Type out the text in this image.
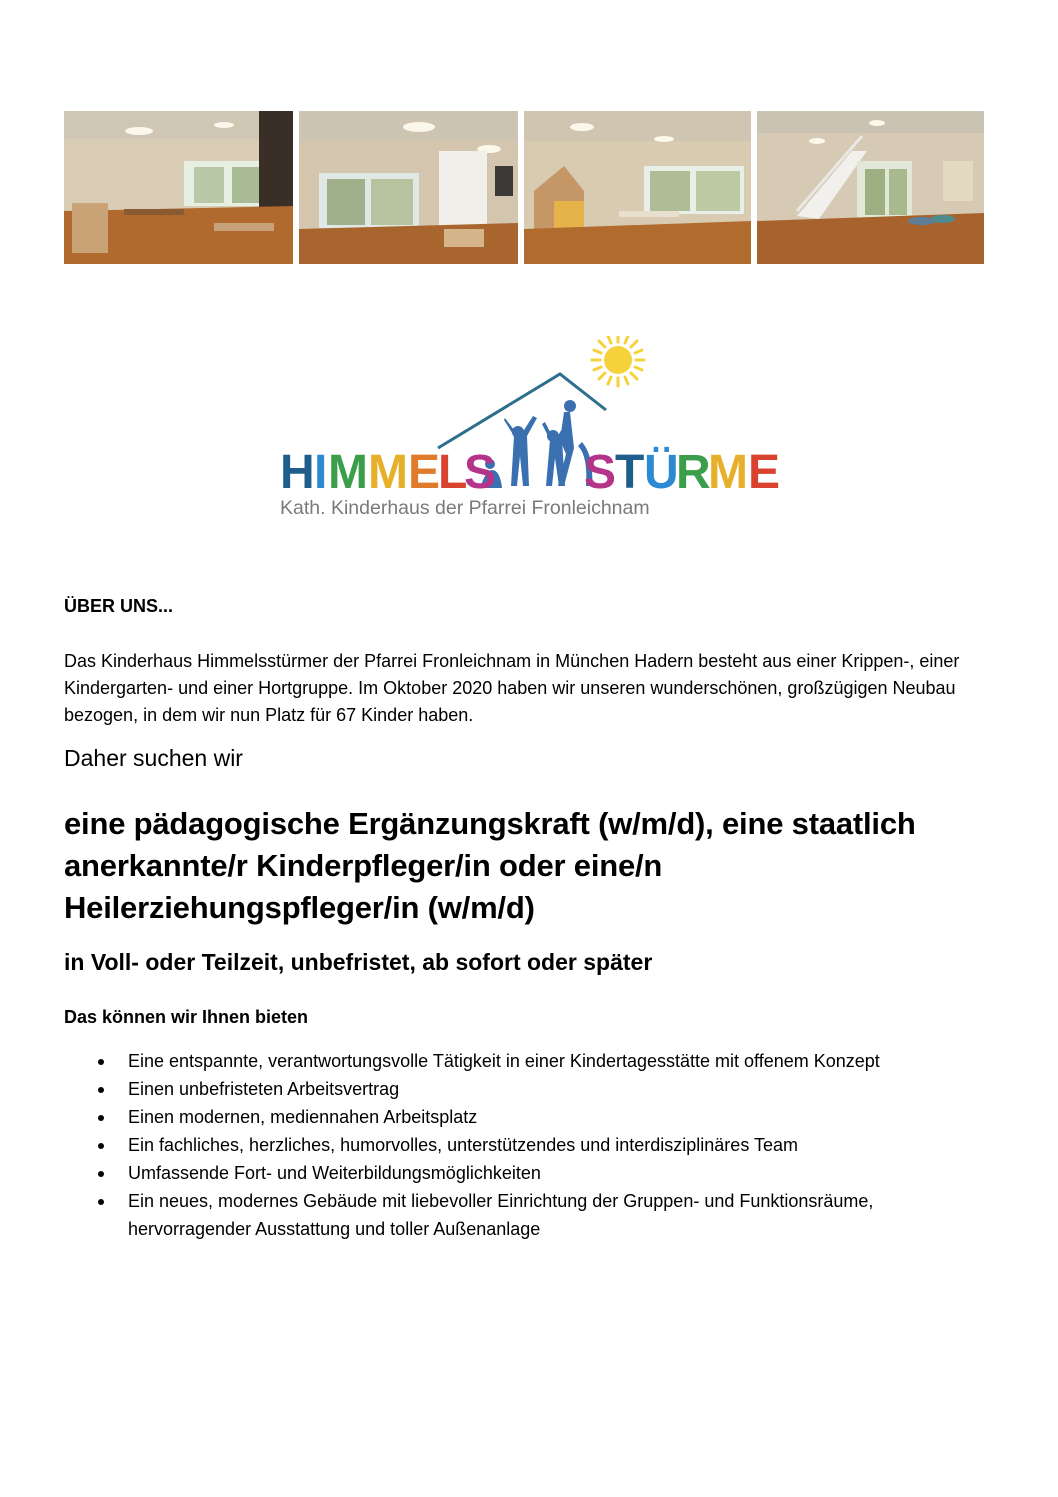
H I M M E
L
S S
T Ü
R
M E
Kath. Kinderhaus der Pfarrei Fronleichnam
ÜBER UNS...

Das Kinderhaus Himmelsstürmer der Pfarrei Fronleichnam in München Hadern besteht aus einer Krippen-, einer Kindergarten- und einer Hortgruppe. Im Oktober 2020 haben wir unseren wunderschönen, großzügigen Neubau bezogen, in dem wir nun Platz für 67 Kinder haben.

Daher suchen wir

eine pädagogische Ergänzungskraft (w/m/d), eine staatlich anerkannte/r Kinderpfleger/in oder eine/n Heilerziehungspfleger/in (w/m/d)
in Voll- oder Teilzeit, unbefristet, ab sofort oder später
Das können wir Ihnen bieten
Eine entspannte, verantwortungsvolle Tätigkeit in einer Kindertagesstätte mit offenem Konzept
Einen unbefristeten Arbeitsvertrag
Einen modernen, mediennahen Arbeitsplatz
Ein fachliches, herzliches, humorvolles, unterstützendes und interdisziplinäres Team
Umfassende Fort- und Weiterbildungsmöglichkeiten
Ein neues, modernes Gebäude mit liebevoller Einrichtung der Gruppen- und Funktionsräume, hervorragender Ausstattung und toller Außenanlage
